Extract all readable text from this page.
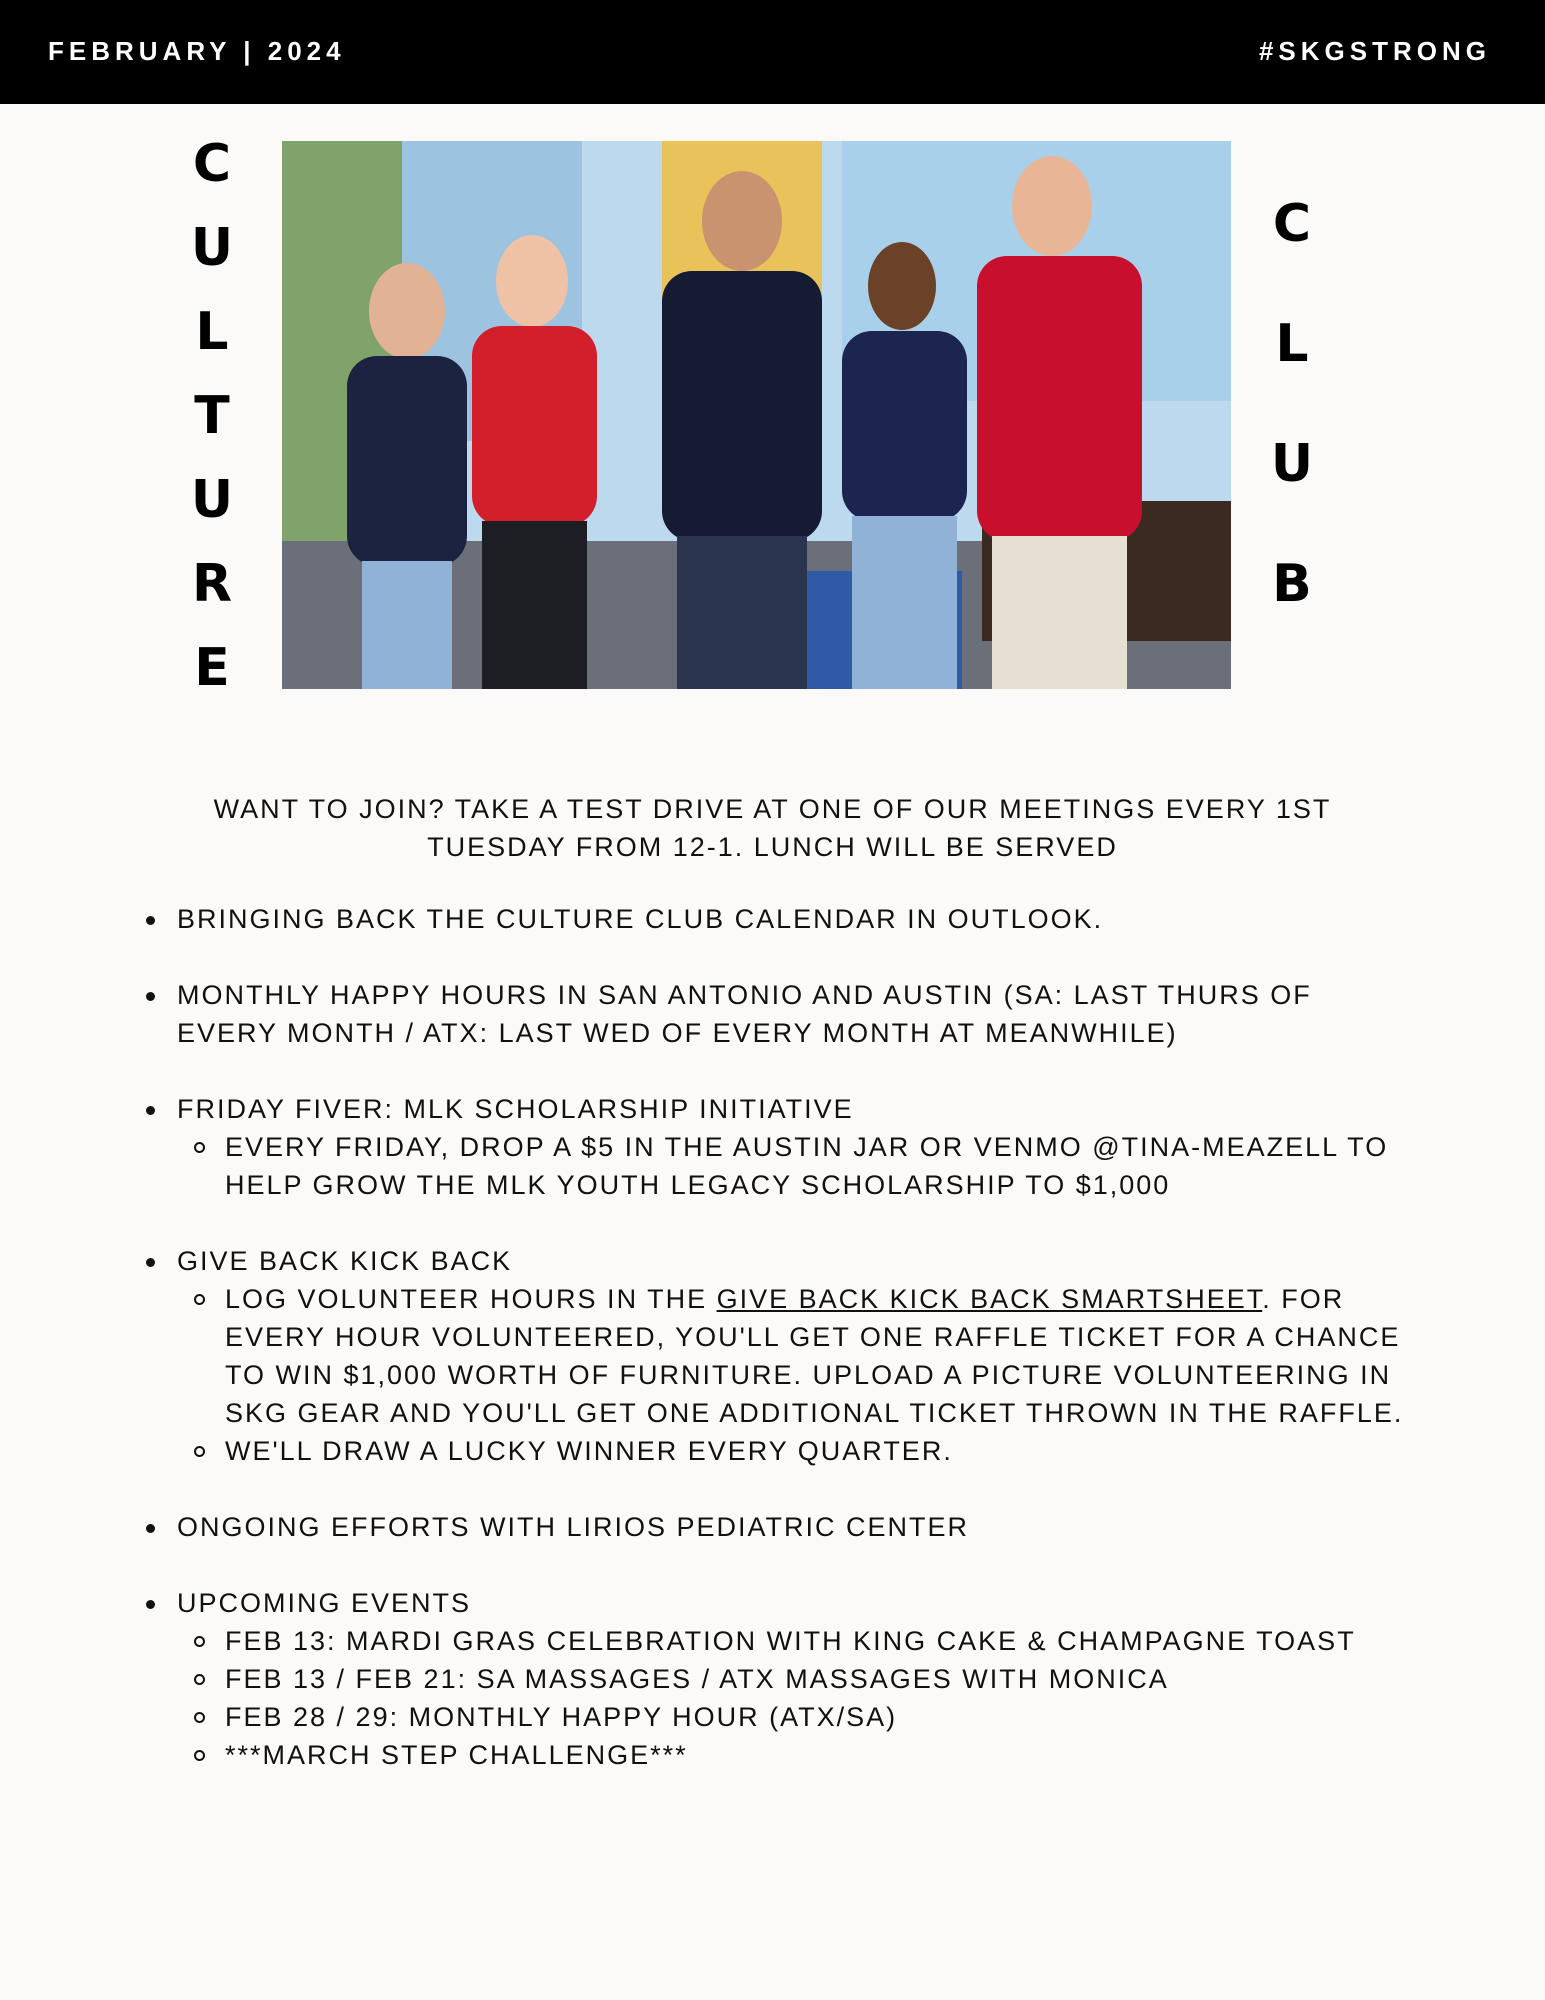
FEBRUARY | 2024	#SKGSTRONG
C
U
L
T
U
R
E
C
L
U
B
WANT TO JOIN? TAKE A TEST DRIVE AT ONE OF OUR MEETINGS EVERY 1ST
TUESDAY FROM 12-1. LUNCH WILL BE SERVED
BRINGING BACK THE CULTURE CLUB CALENDAR IN OUTLOOK.
MONTHLY HAPPY HOURS IN SAN ANTONIO AND AUSTIN (SA: LAST THURS OF EVERY MONTH / ATX: LAST WED OF EVERY MONTH AT MEANWHILE)
FRIDAY FIVER: MLK SCHOLARSHIP INITIATIVE
EVERY FRIDAY, DROP A $5 IN THE AUSTIN JAR OR VENMO @TINA-MEAZELL TO HELP GROW THE MLK YOUTH LEGACY SCHOLARSHIP TO $1,000
GIVE BACK KICK BACK
LOG VOLUNTEER HOURS IN THE GIVE BACK KICK BACK SMARTSHEET. FOR EVERY HOUR VOLUNTEERED, YOU'LL GET ONE RAFFLE TICKET FOR A CHANCE TO WIN $1,000 WORTH OF FURNITURE. UPLOAD A PICTURE VOLUNTEERING IN SKG GEAR AND YOU'LL GET ONE ADDITIONAL TICKET THROWN IN THE RAFFLE.
WE'LL DRAW A LUCKY WINNER EVERY QUARTER.
ONGOING EFFORTS WITH LIRIOS PEDIATRIC CENTER
UPCOMING EVENTS
FEB 13: MARDI GRAS CELEBRATION WITH KING CAKE & CHAMPAGNE TOAST
FEB 13 / FEB 21: SA MASSAGES / ATX MASSAGES WITH MONICA
FEB 28 / 29: MONTHLY HAPPY HOUR (ATX/SA)
***MARCH STEP CHALLENGE***
